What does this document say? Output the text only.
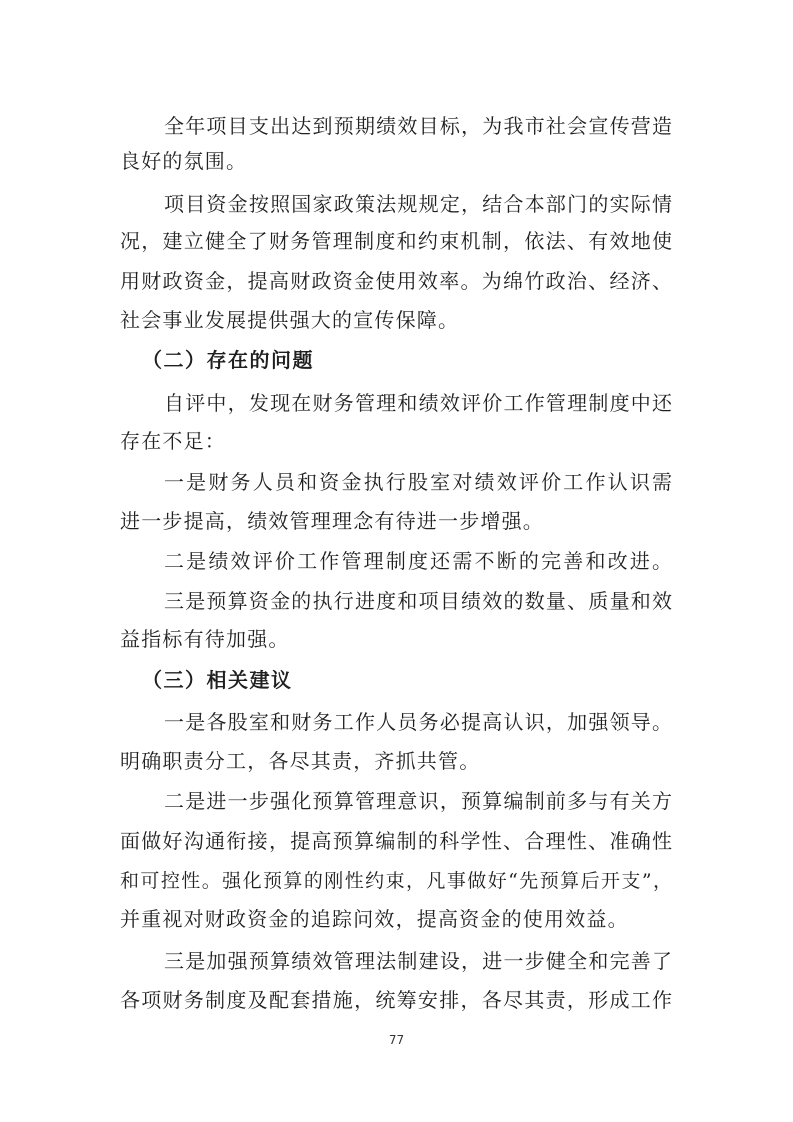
全年项目支出达到预期绩效目标，为我市社会宣传营造
良好的氛围。
项目资金按照国家政策法规规定，结合本部门的实际情
况，建立健全了财务管理制度和约束机制，依法、有效地使
用财政资金，提高财政资金使用效率。为绵竹政治、经济、
社会事业发展提供强大的宣传保障。
（二）存在的问题
自评中，发现在财务管理和绩效评价工作管理制度中还
存在不足：
一是财务人员和资金执行股室对绩效评价工作认识需
进一步提高，绩效管理理念有待进一步增强。
二是绩效评价工作管理制度还需不断的完善和改进。
三是预算资金的执行进度和项目绩效的数量、质量和效
益指标有待加强。
（三）相关建议
一是各股室和财务工作人员务必提高认识，加强领导。
明确职责分工，各尽其责，齐抓共管。
二是进一步强化预算管理意识，预算编制前多与有关方
面做好沟通衔接，提高预算编制的科学性、合理性、准确性
和可控性。强化预算的刚性约束，凡事做好“先预算后开支”，
并重视对财政资金的追踪问效，提高资金的使用效益。
三是加强预算绩效管理法制建设，进一步健全和完善了
各项财务制度及配套措施，统筹安排，各尽其责，形成工作
77
